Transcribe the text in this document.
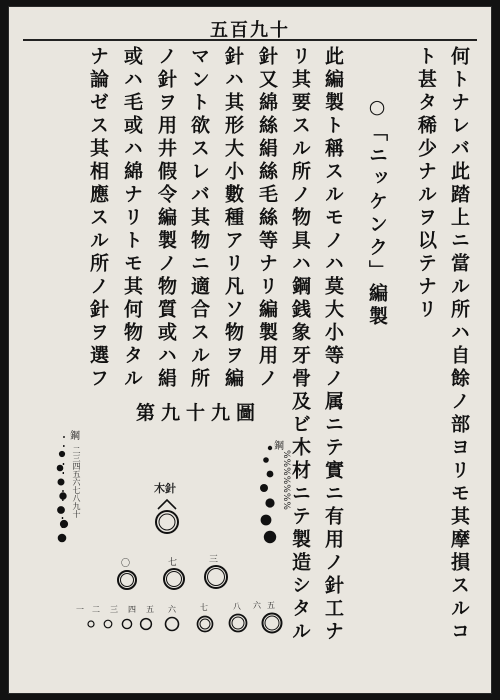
五百九十
何トナレバ此踏上ニ當ル所ハ自餘ノ部ヨリモ其摩損スルコ
ト甚タ稀少ナルヲ以テナリ
○「ニッケンク」編製
此編製ト稱スルモノハ莫大小等ノ属ニテ實ニ有用ノ針工ナ
リ其要スル所ノ物具ハ鋼銭象牙骨及ビ木材ニテ製造シタル
針又綿絲絹絲毛絲等ナリ編製用ノ
針ハ其形大小數種アリ凡ソ物ヲ編
マント欲スレバ其物ニ適合スル所
ノ針ヲ用井假令編製ノ物質或ハ絹
或ハ毛或ハ綿ナリトモ其何物タル
ナ論ゼス其相應スル所ノ針ヲ選フ
第九十九圖
鋼
鋼
木針
二三四五六七八九十
%%%%%%%
〇	七	三
一 二 三 四 五 六	七	八	五
六
